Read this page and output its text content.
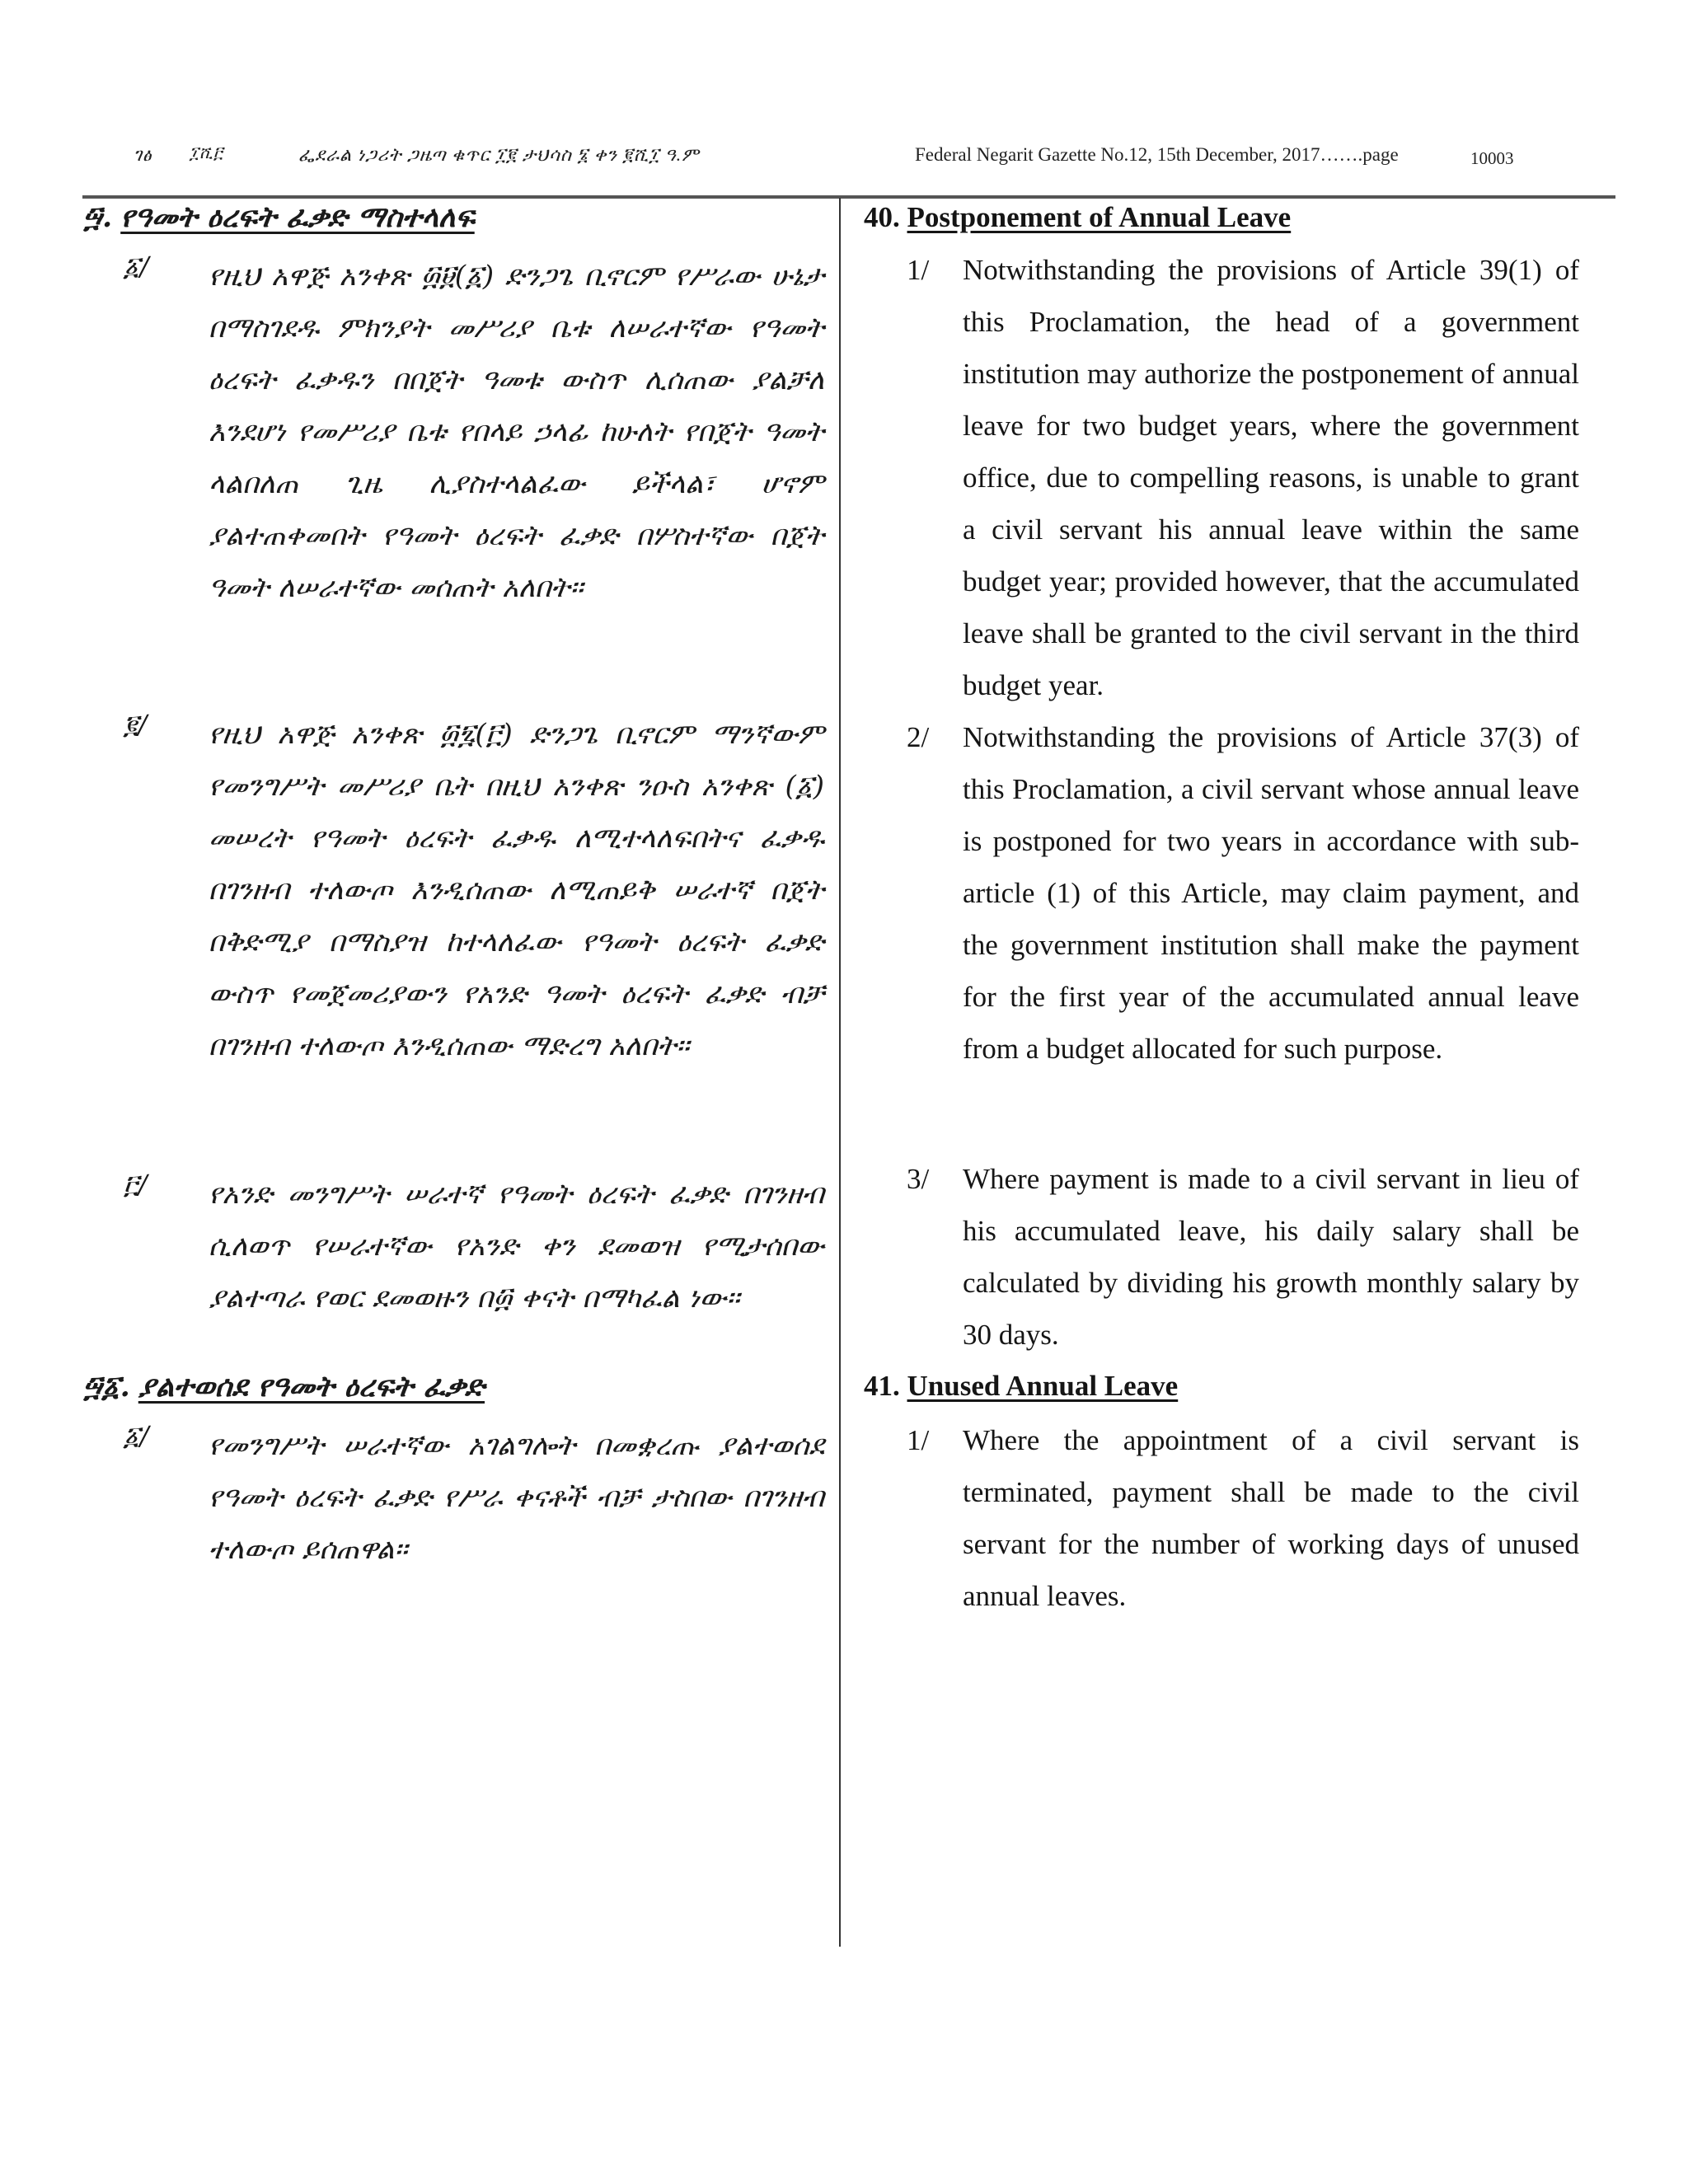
ገፅ ፲ሺ፫	ፌደራል ነጋሪት ጋዜጣ ቁጥር ፲፪ ታህሳስ ፮ ቀን ፪ሺ፲ ዓ.ም	Federal Negarit Gazette No.12, 15th December, 2017…….page	10003
፵. የዓመት ዕረፍት ፈቃድ ማስተላለፍ
፩/ የዚህ አዋጅ አንቀጽ ፴፱(፩) ድንጋጌ ቢኖርም የሥራው ሁኔታ በማስገደዱ ምክንያት መሥሪያ ቤቱ ለሠራተኛው የዓመት ዕረፍት ፈቃዱን በበጀት ዓመቱ ውስጥ ሊሰጠው ያልቻለ እንደሆነ የመሥሪያ ቤቱ የበላይ ኃላፊ ከሁለት የበጀት ዓመት ላልበለጠ ጊዜ ሊያስተላልፈው ይችላል፣ ሆኖም ያልተጠቀመበት የዓመት ዕረፍት ፈቃድ በሦስተኛው በጀት ዓመት ለሠራተኛው መሰጠት አለበት፡፡
፪/ የዚህ አዋጅ አንቀጽ ፴፯(፫) ድንጋጌ ቢኖርም ማንኛውም የመንግሥት መሥሪያ ቤት በዚህ አንቀጽ ንዑስ አንቀጽ (፩) መሠረት የዓመት ዕረፍት ፈቃዱ ለሚተላለፍበትና ፈቃዱ በገንዘብ ተለውጦ እንዲሰጠው ለሚጠይቅ ሠራተኛ በጀት በቅድሚያ በማስያዝ ከተላለፈው የዓመት ዕረፍት ፈቃድ ውስጥ የመጀመሪያውን የአንድ ዓመት ዕረፍት ፈቃድ ብቻ በገንዘብ ተለውጦ እንዲሰጠው ማድረግ አለበት፡፡
፫/ የአንድ መንግሥት ሠራተኛ የዓመት ዕረፍት ፈቃድ በገንዘብ ሲለወጥ የሠራተኛው የአንድ ቀን ደመወዝ የሚታሰበው ያልተጣራ የወር ደመወዙን በ፴ ቀናት በማካፈል ነው፡፡
፵፩. ያልተወሰደ የዓመት ዕረፍት ፈቃድ
፩/ የመንግሥት ሠራተኛው አገልግሎት በመቋረጡ ያልተወሰደ የዓመት ዕረፍት ፈቃድ የሥራ ቀናቶች ብቻ ታስበው በገንዘብ ተለውጦ ይሰጠዋል፡፡
40. Postponement of Annual Leave
1/ Notwithstanding the provisions of Article 39(1) of this Proclamation, the head of a government institution may authorize the postponement of annual leave for two budget years, where the government office, due to compelling reasons, is unable to grant a civil servant his annual leave within the same budget year; provided however, that the accumulated leave shall be granted to the civil servant in the third budget year.
2/ Notwithstanding the provisions of Article 37(3) of this Proclamation, a civil servant whose annual leave is postponed for two years in accordance with sub-article (1) of this Article, may claim payment, and the government institution shall make the payment for the first year of the accumulated annual leave from a budget allocated for such purpose.
3/ Where payment is made to a civil servant in lieu of his accumulated leave, his daily salary shall be calculated by dividing his growth monthly salary by 30 days.
41. Unused Annual Leave
1/ Where the appointment of a civil servant is terminated, payment shall be made to the civil servant for the number of working days of unused annual leaves.
